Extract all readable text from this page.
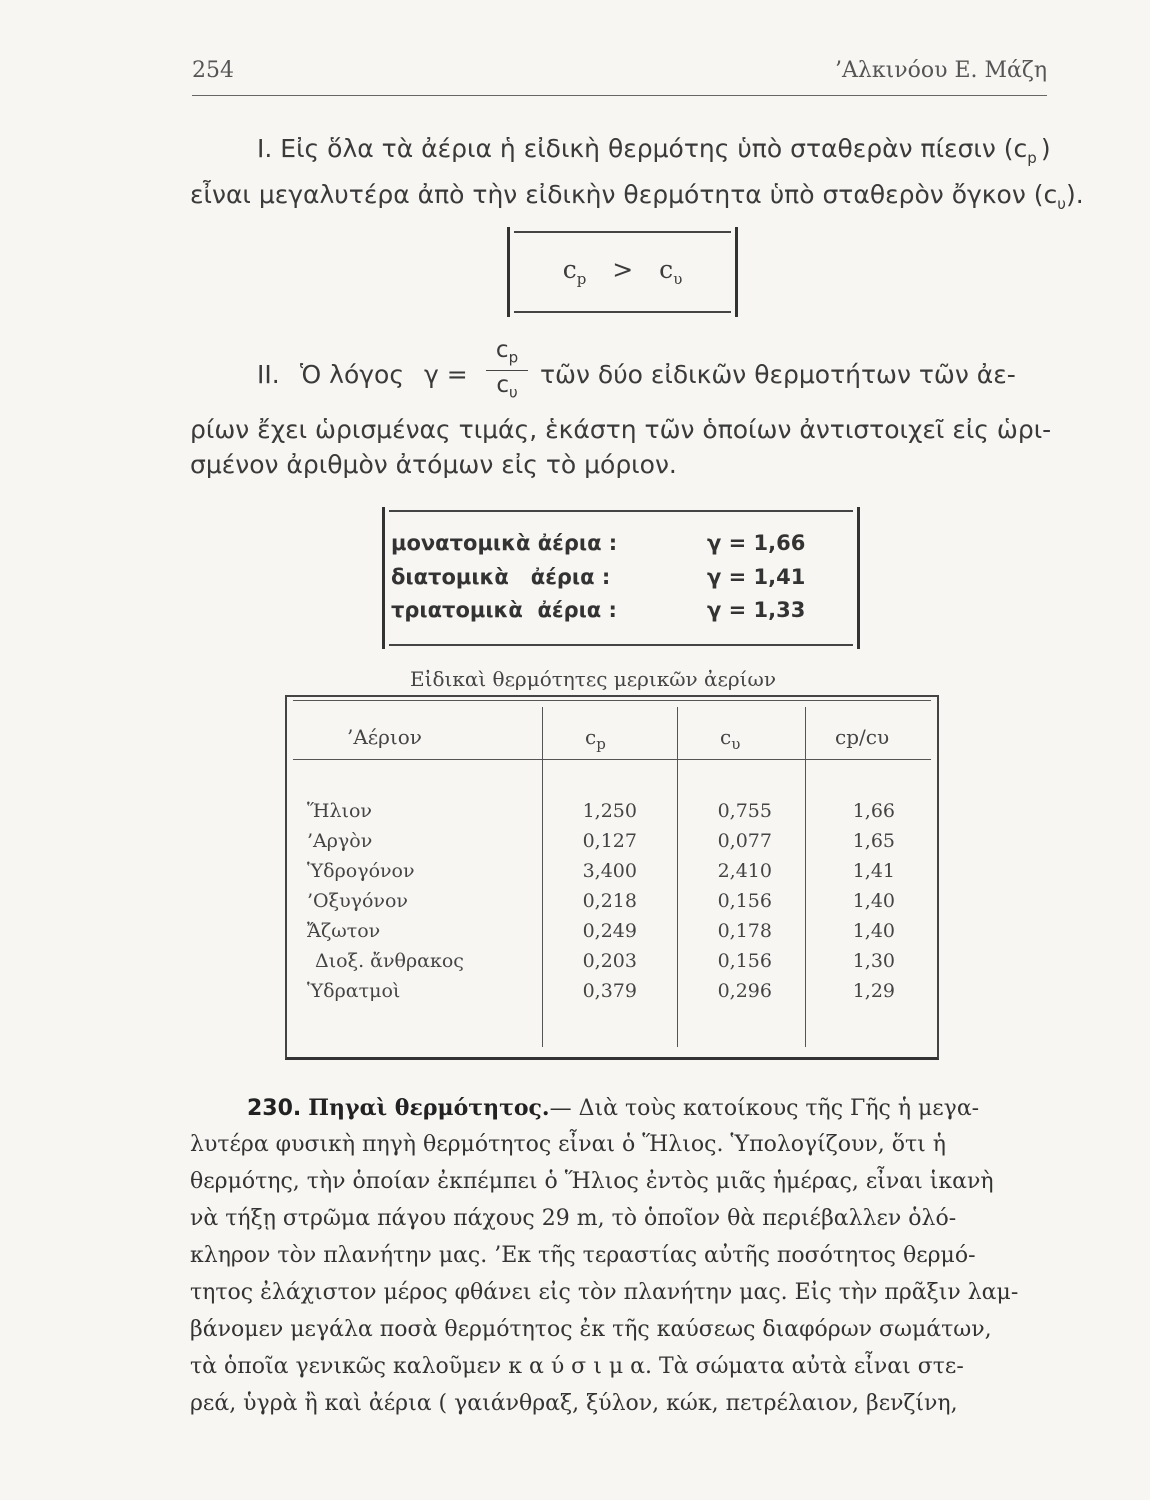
254	’Αλκινόου Ε. Μάζη
Ι. Εἰς ὅλα τὰ ἀέρια ἡ εἰδικὴ θερμότης ὑπὸ σταθερὰν πίεσιν ($c_p$ )
εἶναι μεγαλυτέρα ἀπὸ τὴν εἰδικὴν θερμότητα ὑπὸ σταθερὸν ὄγκον $(c_\upsilon)$.
$c_p > c_\upsilon$
ΙΙ. Ὁ λόγος γ =
$c_p$
$c_\upsilon$
τῶν δύο εἰδικῶν θερμοτήτων τῶν ἀε-
ρίων ἔχει ὡρισμένας τιμάς, ἑκάστη τῶν ὁποίων ἀντιστοιχεῖ εἰς ὡρι-
σμένον ἀριθμὸν ἀτόμων εἰς τὸ μόριον.
μονατομικὰ ἀέρια :	γ = 1,66
διατομικὰ   ἀέρια :	γ = 1,41
τριατομικὰ  ἀέρια :	γ = 1,33
Εἰδικαὶ θερμότητες μερικῶν ἀερίων
’Αέριον	$c_p$	$c_\upsilon$	cp/cυ
Ἥλιον	1,250	0,755	1,66
’Αργὸν	0,127	0,077	1,65
Ὑδρογόνον	3,400	2,410	1,41
’Οξυγόνον	0,218	0,156	1,40
Ἄζωτον	0,249	0,178	1,40
Διοξ. ἄνθρακος	0,203	0,156	1,30
Ὑδρατμοὶ	0,379	0,296	1,29
230. Πηγαὶ θερμότητος.— Διὰ τοὺς κατοίκους τῆς Γῆς ἡ μεγα-
λυτέρα φυσικὴ πηγὴ θερμότητος εἶναι ὁ Ἥλιος. Ὑπολογίζουν, ὅτι ἡ
θερμότης, τὴν ὁποίαν ἐκπέμπει ὁ Ἥλιος ἐντὸς μιᾶς ἡμέρας, εἶναι ἱκανὴ
νὰ τήξῃ στρῶμα πάγου πάχους 29 m, τὸ ὁποῖον θὰ περιέβαλλεν ὁλό-
κληρον τὸν πλανήτην μας. ’Εκ τῆς τεραστίας αὐτῆς ποσότητος θερμό-
τητος ἐλάχιστον μέρος φθάνει εἰς τὸν πλανήτην μας. Εἰς τὴν πρᾶξιν λαμ-
βάνομεν μεγάλα ποσὰ θερμότητος ἐκ τῆς καύσεως διαφόρων σωμάτων,
τὰ ὁποῖα γενικῶς καλοῦμεν κ α ύ σ ι μ α. Τὰ σώματα αὐτὰ εἶναι στε-
ρεά, ὑγρὰ ἢ καὶ ἀέρια ( γαιάνθραξ, ξύλον, κώκ, πετρέλαιον, βενζίνη,
